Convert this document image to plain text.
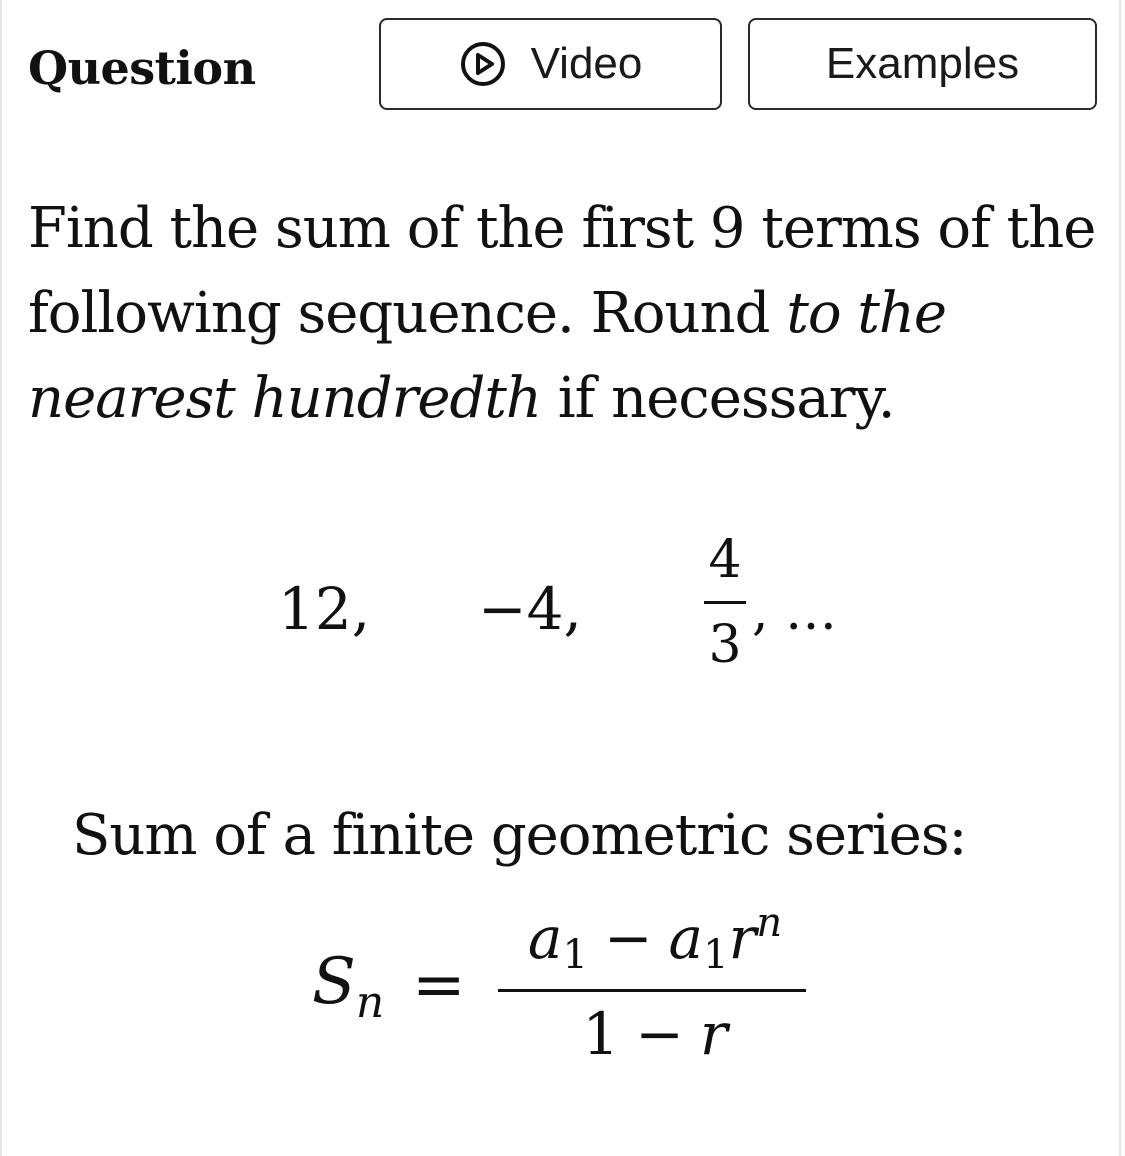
Question	Video	Examples

Find the sum of the first 9 terms of the following sequence. Round to the nearest hundredth if necessary.

12, −4,
4
3
, …
Sum of a finite geometric series:
$S_n$ =
$a_1 - a_1r^n$
1 − r
